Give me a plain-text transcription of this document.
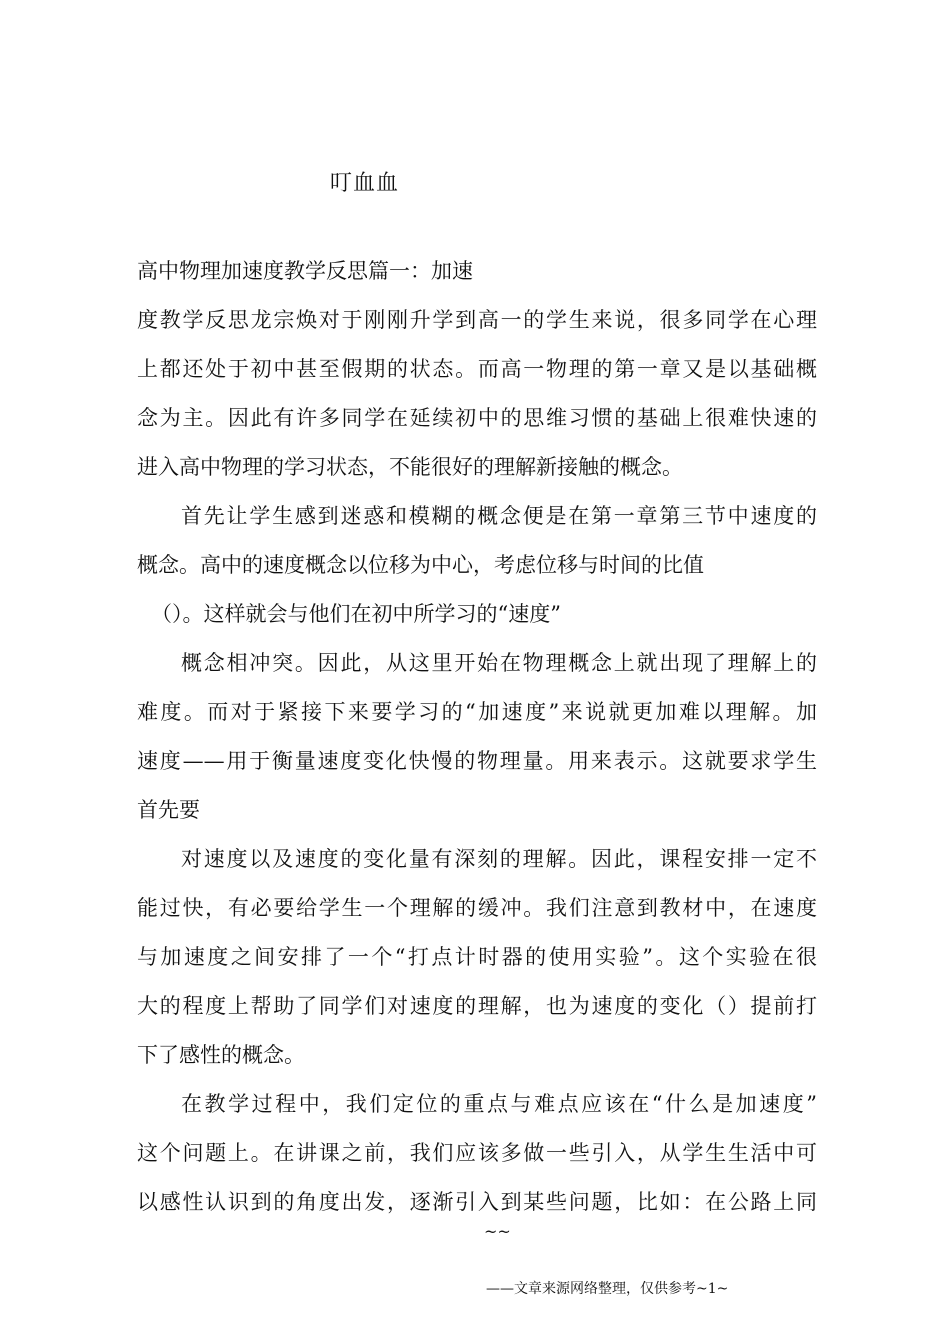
叮血血
高中物理加速度教学反思篇一：加速
度教学反思龙宗焕对于刚刚升学到高一的学生来说，很多同学在心理
上都还处于初中甚至假期的状态。而高一物理的第一章又是以基础概
念为主。因此有许多同学在延续初中的思维习惯的基础上很难快速的
进入高中物理的学习状态，不能很好的理解新接触的概念。
首先让学生感到迷惑和模糊的概念便是在第一章第三节中速度的
概念。高中的速度概念以位移为中心，考虑位移与时间的比值
（）。这样就会与他们在初中所学习的“速度”
概念相冲突。因此，从这里开始在物理概念上就出现了理解上的
难度。而对于紧接下来要学习的“加速度”来说就更加难以理解。加
速度——用于衡量速度变化快慢的物理量。用来表示。这就要求学生
首先要
对速度以及速度的变化量有深刻的理解。因此，课程安排一定不
能过快，有必要给学生一个理解的缓冲。我们注意到教材中，在速度
与加速度之间安排了一个“打点计时器的使用实验”。这个实验在很
大的程度上帮助了同学们对速度的理解，也为速度的变化（）提前打
下了感性的概念。
在教学过程中，我们定位的重点与难点应该在“什么是加速度”
这个问题上。在讲课之前，我们应该多做一些引入，从学生生活中可
以感性认识到的角度出发，逐渐引入到某些问题，比如：在公路上同
~~
——文章来源网络整理，仅供参考~1~
